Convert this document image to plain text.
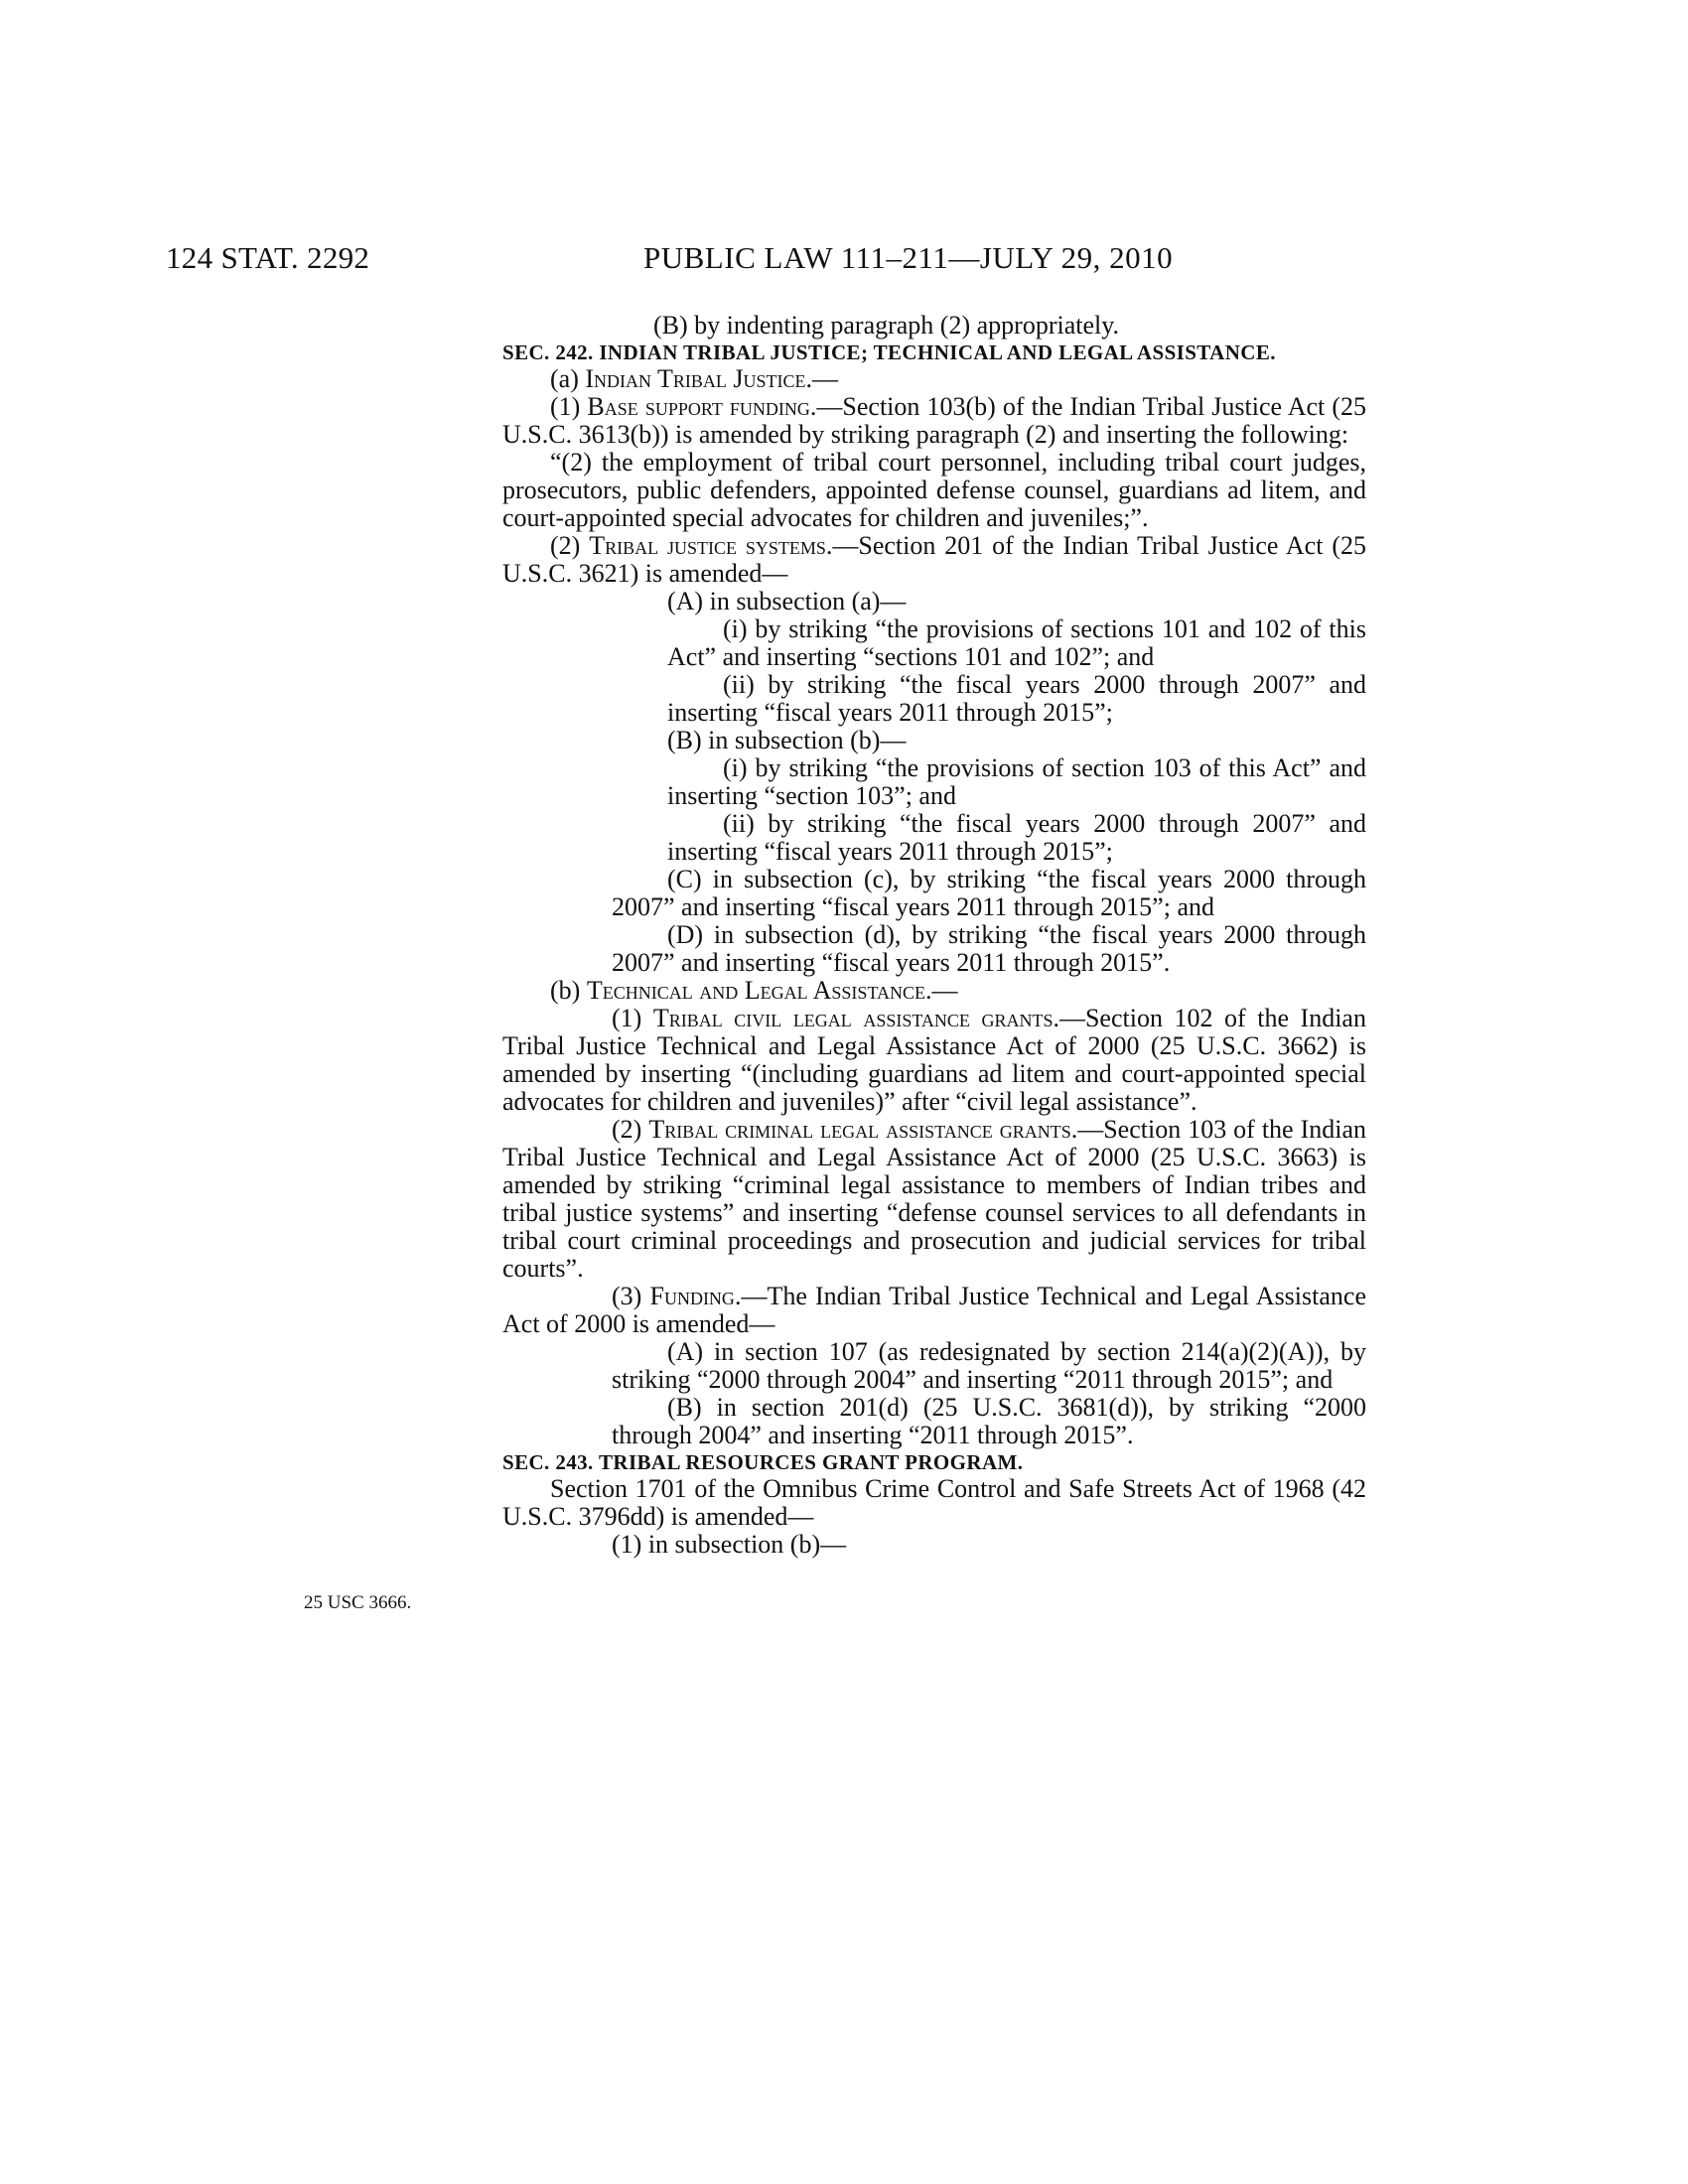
124 STAT. 2292	PUBLIC LAW 111–211—JULY 29, 2010
25 USC 3666.

(B) by indenting paragraph (2) appropriately.

SEC. 242. INDIAN TRIBAL JUSTICE; TECHNICAL AND LEGAL ASSISTANCE.

(a) Indian Tribal Justice.—

(1) Base support funding.—Section 103(b) of the Indian Tribal Justice Act (25 U.S.C. 3613(b)) is amended by striking paragraph (2) and inserting the following:

“(2) the employment of tribal court personnel, including tribal court judges, prosecutors, public defenders, appointed defense counsel, guardians ad litem, and court-appointed special advocates for children and juveniles;”.

(2) Tribal justice systems.—Section 201 of the Indian Tribal Justice Act (25 U.S.C. 3621) is amended—

(A) in subsection (a)—

(i) by striking “the provisions of sections 101 and 102 of this Act” and inserting “sections 101 and 102”; and

(ii) by striking “the fiscal years 2000 through 2007” and inserting “fiscal years 2011 through 2015”;

(B) in subsection (b)—

(i) by striking “the provisions of section 103 of this Act” and inserting “section 103”; and

(ii) by striking “the fiscal years 2000 through 2007” and inserting “fiscal years 2011 through 2015”;

(C) in subsection (c), by striking “the fiscal years 2000 through 2007” and inserting “fiscal years 2011 through 2015”; and

(D) in subsection (d), by striking “the fiscal years 2000 through 2007” and inserting “fiscal years 2011 through 2015”.

(b) Technical and Legal Assistance.—

(1) Tribal civil legal assistance grants.—Section 102 of the Indian Tribal Justice Technical and Legal Assistance Act of 2000 (25 U.S.C. 3662) is amended by inserting “(including guardians ad litem and court-appointed special advocates for children and juveniles)” after “civil legal assistance”.

(2) Tribal criminal legal assistance grants.—Section 103 of the Indian Tribal Justice Technical and Legal Assistance Act of 2000 (25 U.S.C. 3663) is amended by striking “criminal legal assistance to members of Indian tribes and tribal justice systems” and inserting “defense counsel services to all defendants in tribal court criminal proceedings and prosecution and judicial services for tribal courts”.

(3) Funding.—The Indian Tribal Justice Technical and Legal Assistance Act of 2000 is amended—

(A) in section 107 (as redesignated by section 214(a)(2)(A)), by striking “2000 through 2004” and inserting “2011 through 2015”; and

(B) in section 201(d) (25 U.S.C. 3681(d)), by striking “2000 through 2004” and inserting “2011 through 2015”.

SEC. 243. TRIBAL RESOURCES GRANT PROGRAM.

Section 1701 of the Omnibus Crime Control and Safe Streets Act of 1968 (42 U.S.C. 3796dd) is amended—

(1) in subsection (b)—
